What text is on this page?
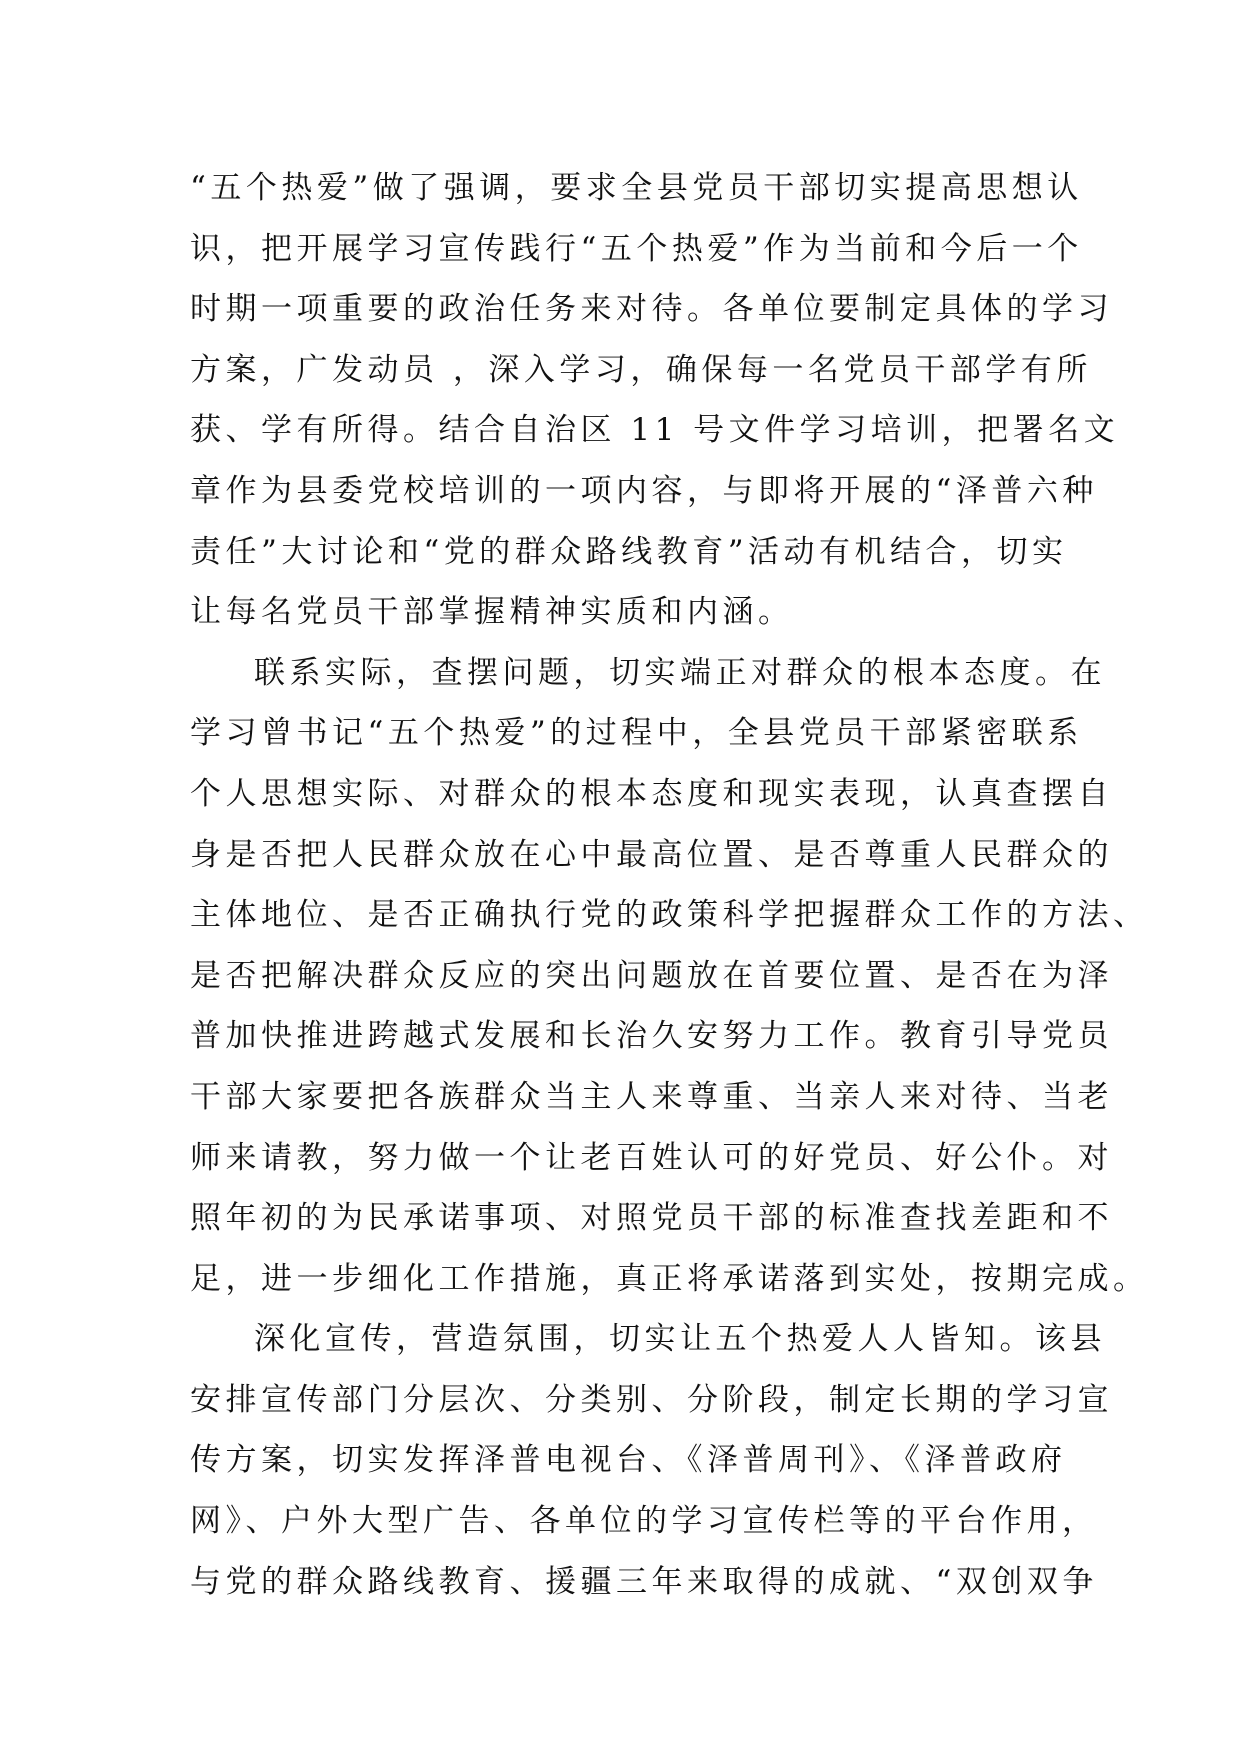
“五个热爱”做了强调，要求全县党员干部切实提高思想认
识，把开展学习宣传践行“五个热爱”作为当前和今后一个
时期一项重要的政治任务来对待。各单位要制定具体的学习
方案，广发动员 ，深入学习，确保每一名党员干部学有所
获、学有所得。结合自治区 11 号文件学习培训，把署名文
章作为县委党校培训的一项内容，与即将开展的“泽普六种
责任”大讨论和“党的群众路线教育”活动有机结合，切实
让每名党员干部掌握精神实质和内涵。
联系实际，查摆问题，切实端正对群众的根本态度。在
学习曾书记“五个热爱”的过程中，全县党员干部紧密联系
个人思想实际、对群众的根本态度和现实表现，认真查摆自
身是否把人民群众放在心中最高位置、是否尊重人民群众的
主体地位、是否正确执行党的政策科学把握群众工作的方法、
是否把解决群众反应的突出问题放在首要位置、是否在为泽
普加快推进跨越式发展和长治久安努力工作。教育引导党员
干部大家要把各族群众当主人来尊重、当亲人来对待、当老
师来请教，努力做一个让老百姓认可的好党员、好公仆。对
照年初的为民承诺事项、对照党员干部的标准查找差距和不
足，进一步细化工作措施，真正将承诺落到实处，按期完成。
深化宣传，营造氛围，切实让五个热爱人人皆知。该县
安排宣传部门分层次、分类别、分阶段，制定长期的学习宣
传方案，切实发挥泽普电视台、《泽普周刊》、《泽普政府
网》、户外大型广告、各单位的学习宣传栏等的平台作用，
与党的群众路线教育、援疆三年来取得的成就、“双创双争
